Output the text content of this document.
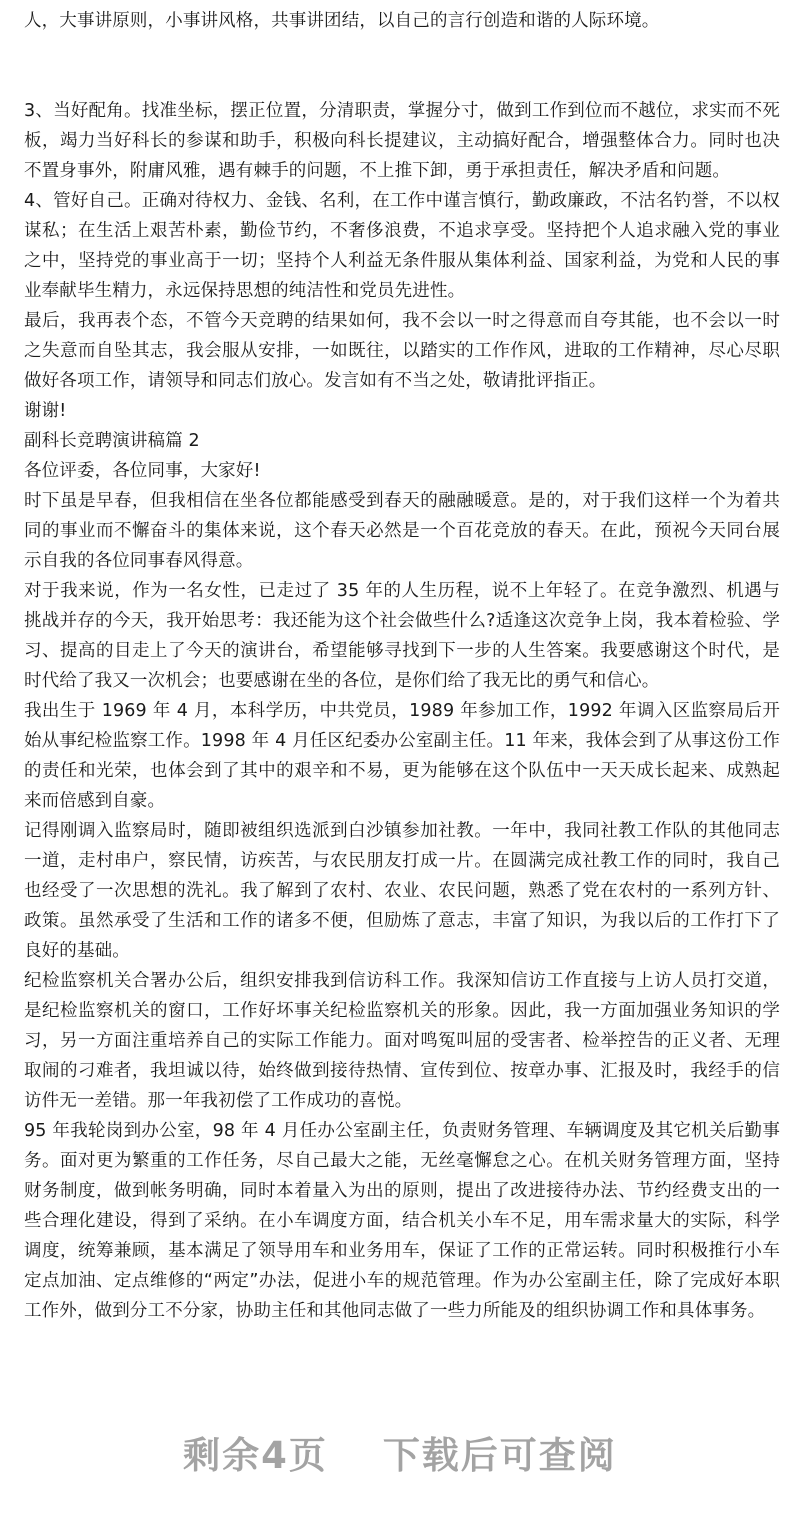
人，大事讲原则，小事讲风格，共事讲团结，以自己的言行创造和谐的人际环境。

3、当好配角。找准坐标，摆正位置，分清职责，掌握分寸，做到工作到位而不越位，求实而不死板，竭力当好科长的参谋和助手，积极向科长提建议，主动搞好配合，增强整体合力。同时也决不置身事外，附庸风雅，遇有棘手的问题，不上推下卸，勇于承担责任，解决矛盾和问题。

4、管好自己。正确对待权力、金钱、名利，在工作中谨言慎行，勤政廉政，不沽名钓誉，不以权谋私；在生活上艰苦朴素，勤俭节约，不奢侈浪费，不追求享受。坚持把个人追求融入党的事业之中，坚持党的事业高于一切；坚持个人利益无条件服从集体利益、国家利益，为党和人民的事业奉献毕生精力，永远保持思想的纯洁性和党员先进性。

最后，我再表个态，不管今天竞聘的结果如何，我不会以一时之得意而自夸其能，也不会以一时之失意而自坠其志，我会服从安排，一如既往，以踏实的工作作风，进取的工作精神，尽心尽职做好各项工作，请领导和同志们放心。发言如有不当之处，敬请批评指正。

谢谢!

副科长竞聘演讲稿篇 2

各位评委，各位同事，大家好!

时下虽是早春，但我相信在坐各位都能感受到春天的融融暖意。是的，对于我们这样一个为着共同的事业而不懈奋斗的集体来说，这个春天必然是一个百花竞放的春天。在此，预祝今天同台展示自我的各位同事春风得意。

对于我来说，作为一名女性，已走过了 35 年的人生历程，说不上年轻了。在竞争激烈、机遇与挑战并存的今天，我开始思考：我还能为这个社会做些什么?适逢这次竞争上岗，我本着检验、学习、提高的目走上了今天的演讲台，希望能够寻找到下一步的人生答案。我要感谢这个时代，是时代给了我又一次机会；也要感谢在坐的各位，是你们给了我无比的勇气和信心。

我出生于 1969 年 4 月，本科学历，中共党员，1989 年参加工作，1992 年调入区监察局后开始从事纪检监察工作。1998 年 4 月任区纪委办公室副主任。11 年来，我体会到了从事这份工作的责任和光荣，也体会到了其中的艰辛和不易，更为能够在这个队伍中一天天成长起来、成熟起来而倍感到自豪。

记得刚调入监察局时，随即被组织选派到白沙镇参加社教。一年中，我同社教工作队的其他同志一道，走村串户，察民情，访疾苦，与农民朋友打成一片。在圆满完成社教工作的同时，我自己也经受了一次思想的洗礼。我了解到了农村、农业、农民问题，熟悉了党在农村的一系列方针、政策。虽然承受了生活和工作的诸多不便，但励炼了意志，丰富了知识，为我以后的工作打下了良好的基础。

纪检监察机关合署办公后，组织安排我到信访科工作。我深知信访工作直接与上访人员打交道，是纪检监察机关的窗口，工作好坏事关纪检监察机关的形象。因此，我一方面加强业务知识的学习，另一方面注重培养自己的实际工作能力。面对鸣冤叫屈的受害者、检举控告的正义者、无理取闹的刁难者，我坦诚以待，始终做到接待热情、宣传到位、按章办事、汇报及时，我经手的信访件无一差错。那一年我初偿了工作成功的喜悦。

95 年我轮岗到办公室，98 年 4 月任办公室副主任，负责财务管理、车辆调度及其它机关后勤事务。面对更为繁重的工作任务，尽自己最大之能，无丝毫懈怠之心。在机关财务管理方面，坚持财务制度，做到帐务明确，同时本着量入为出的原则，提出了改进接待办法、节约经费支出的一些合理化建设，得到了采纳。在小车调度方面，结合机关小车不足，用车需求量大的实际，科学调度，统筹兼顾，基本满足了领导用车和业务用车，保证了工作的正常运转。同时积极推行小车定点加油、定点维修的“两定”办法，促进小车的规范管理。作为办公室副主任，除了完成好本职工作外，做到分工不分家，协助主任和其他同志做了一些力所能及的组织协调工作和具体事务。

剩余4页 下载后可查阅
